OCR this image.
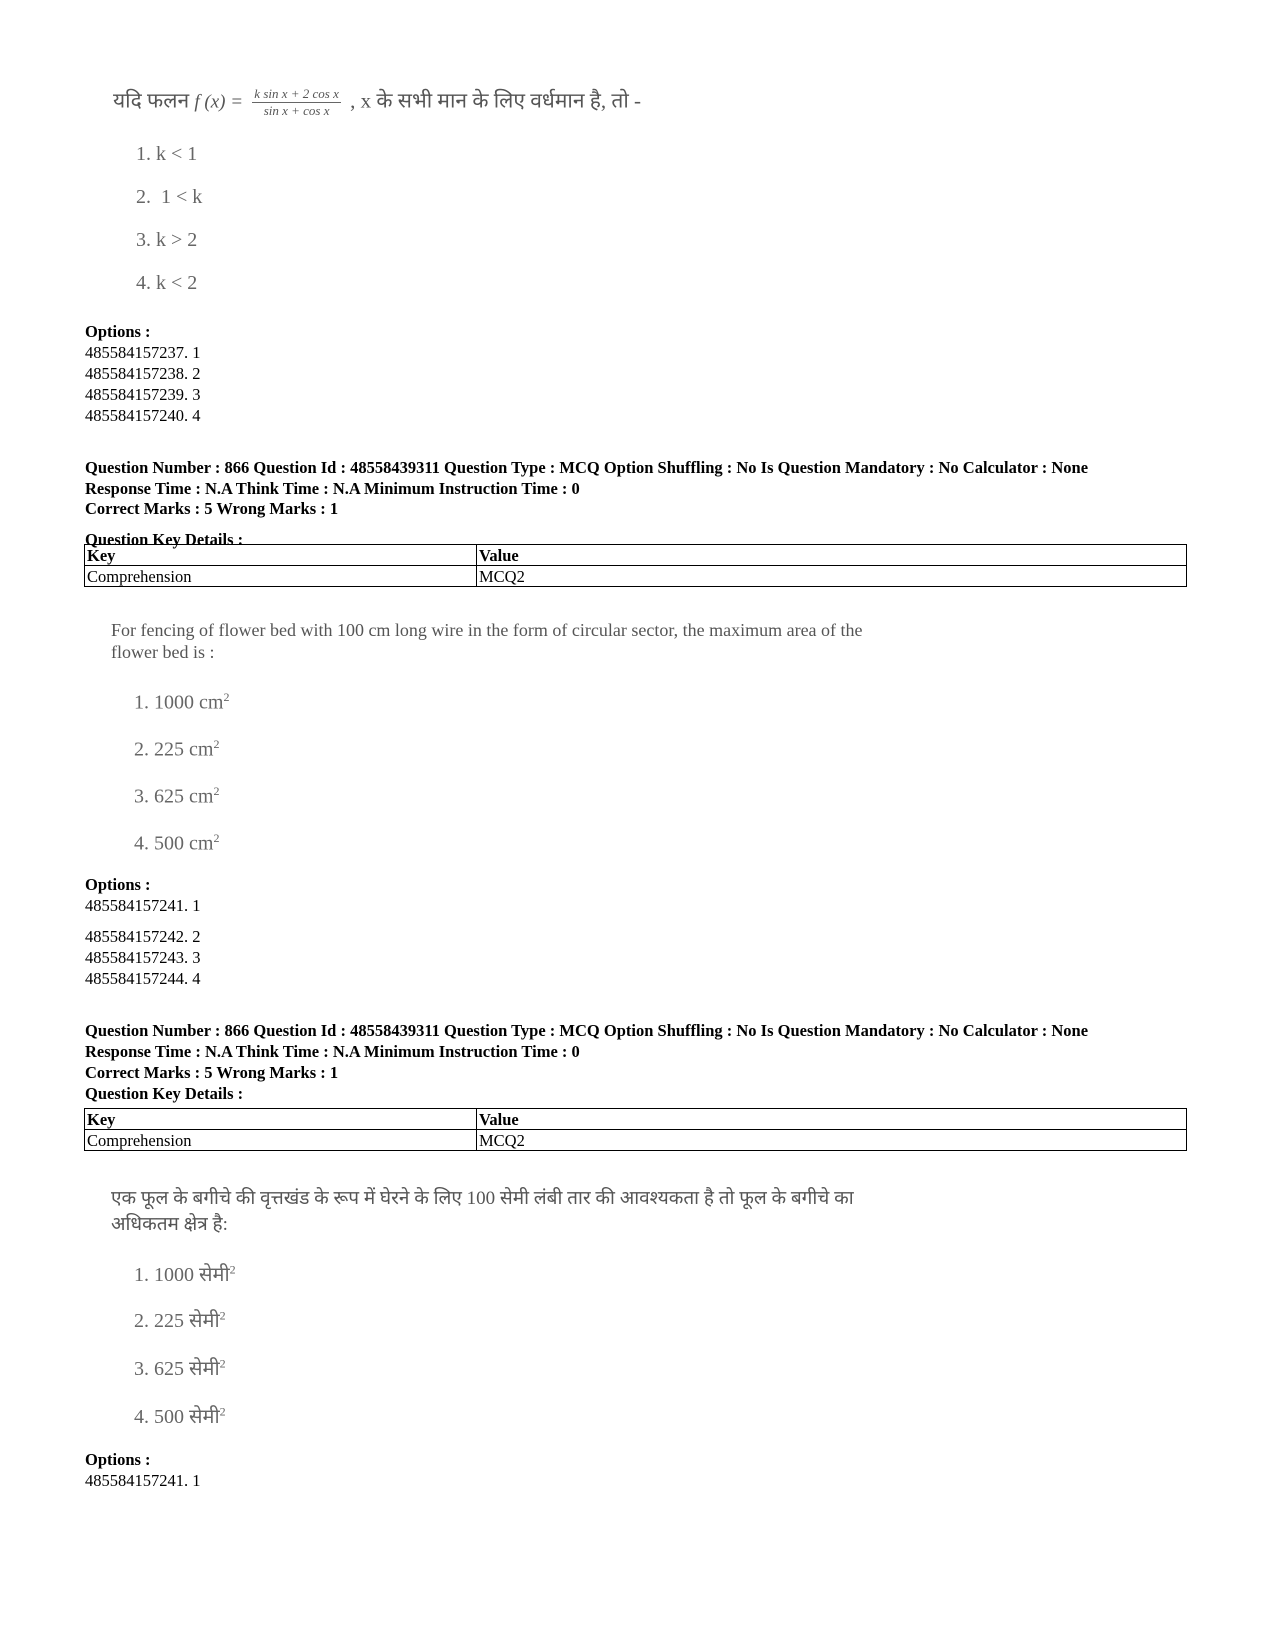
यदि फलन f $(x) = \frac{\text{k sin x + 2 cos x}}{\text{sin x + cos x}}$ , x के सभी मान के लिए वर्धमान है, तो -
1. k < 1
2.  1 < k
3. k > 2
4. k < 2
Options :
485584157237. 1
485584157238. 2
485584157239. 3
485584157240. 4
Question Number : 866 Question Id : 48558439311 Question Type : MCQ Option Shuffling : No Is Question Mandatory : No Calculator : None
Response Time : N.A Think Time : N.A Minimum Instruction Time : 0
Correct Marks : 5 Wrong Marks : 1
Question Key Details :
Key	Value
Comprehension	MCQ2
For fencing of flower bed with 100 cm long wire in the form of circular sector, the maximum area of the
flower bed is :
1. 1000 $cm^2$
2. 225 $cm^2$
3. 625 $cm^2$
4. 500 $cm^2$
Options :
485584157241. 1
485584157242. 2
485584157243. 3
485584157244. 4
Question Number : 866 Question Id : 48558439311 Question Type : MCQ Option Shuffling : No Is Question Mandatory : No Calculator : None
Response Time : N.A Think Time : N.A Minimum Instruction Time : 0
Correct Marks : 5 Wrong Marks : 1
Question Key Details :
Key	Value
Comprehension	MCQ2
एक फूल के बगीचे की वृत्तखंड के रूप में घेरने के लिए 100 सेमी लंबी तार की आवश्यकता है तो फूल के बगीचे का
अधिकतम क्षेत्र है:
1. 1000 सेमी$^2$
2. 225 सेमी$^2$
3. 625 सेमी$^2$
4. 500 सेमी$^2$
Options :
485584157241. 1
